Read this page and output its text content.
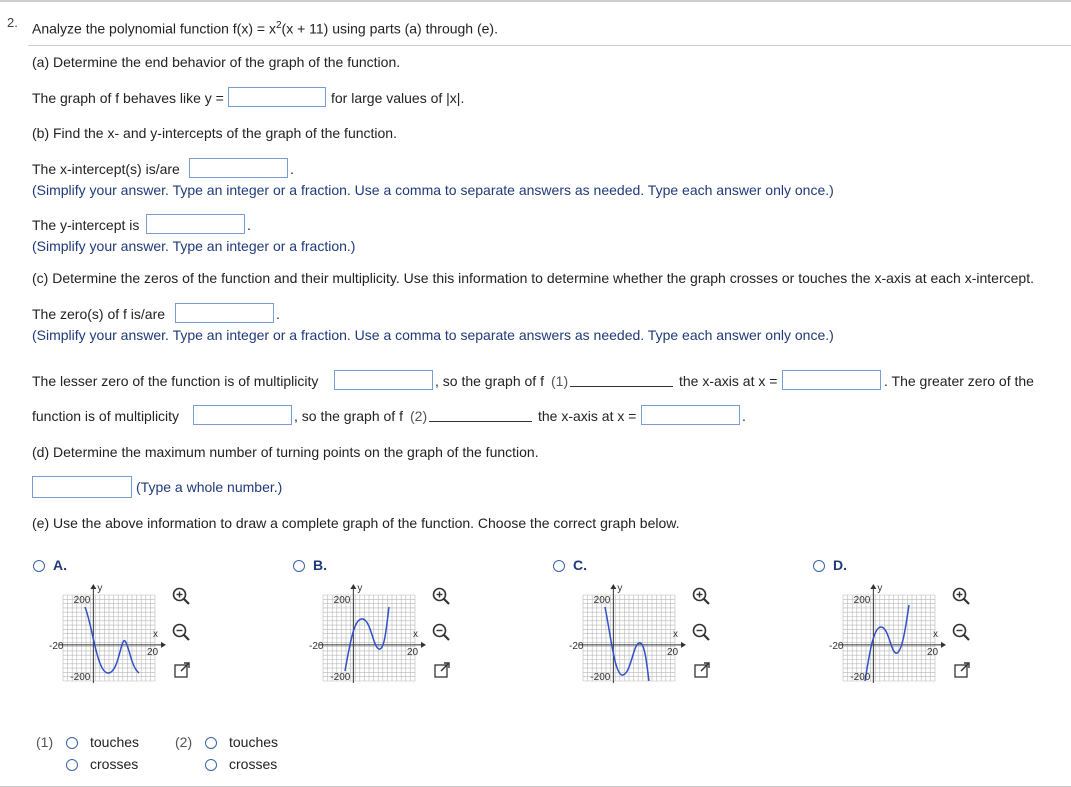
2. Analyze the polynomial function $f(x) = x^2(x + 11)$ using parts (a) through (e).
(a) Determine the end behavior of the graph of the function.
The graph of f behaves like y =	for large values of |x|.
(b) Find the x- and y-intercepts of the graph of the function.
The x-intercept(s) is/are	.
(Simplify your answer. Type an integer or a fraction. Use a comma to separate answers as needed. Type each answer only once.)
The y-intercept is	.
(Simplify your answer. Type an integer or a fraction.)
(c) Determine the zeros of the function and their multiplicity. Use this information to determine whether the graph crosses or touches the x-axis at each x-intercept.
The zero(s) of f is/are	.
(Simplify your answer. Type an integer or a fraction. Use a comma to separate answers as needed. Type each answer only once.)
The lesser zero of the function is of multiplicity	, so the graph of f (1)	the x-axis at x =	. The greater zero of the
function is of multiplicity	, so the graph of f (2)	the x-axis at x =	.
(d) Determine the maximum number of turning points on the graph of the function.
(Type a whole number.)
(e) Use the above information to draw a complete graph of the function. Choose the correct graph below.
A.
200
-200
-20
20
y
x
B.
200
-200
-20
20
y
x
C.
200
-200
-20
20
y
x
D.
200
-200
-20
20
y
x
(1)	touches
crosses
(2)	touches
crosses
